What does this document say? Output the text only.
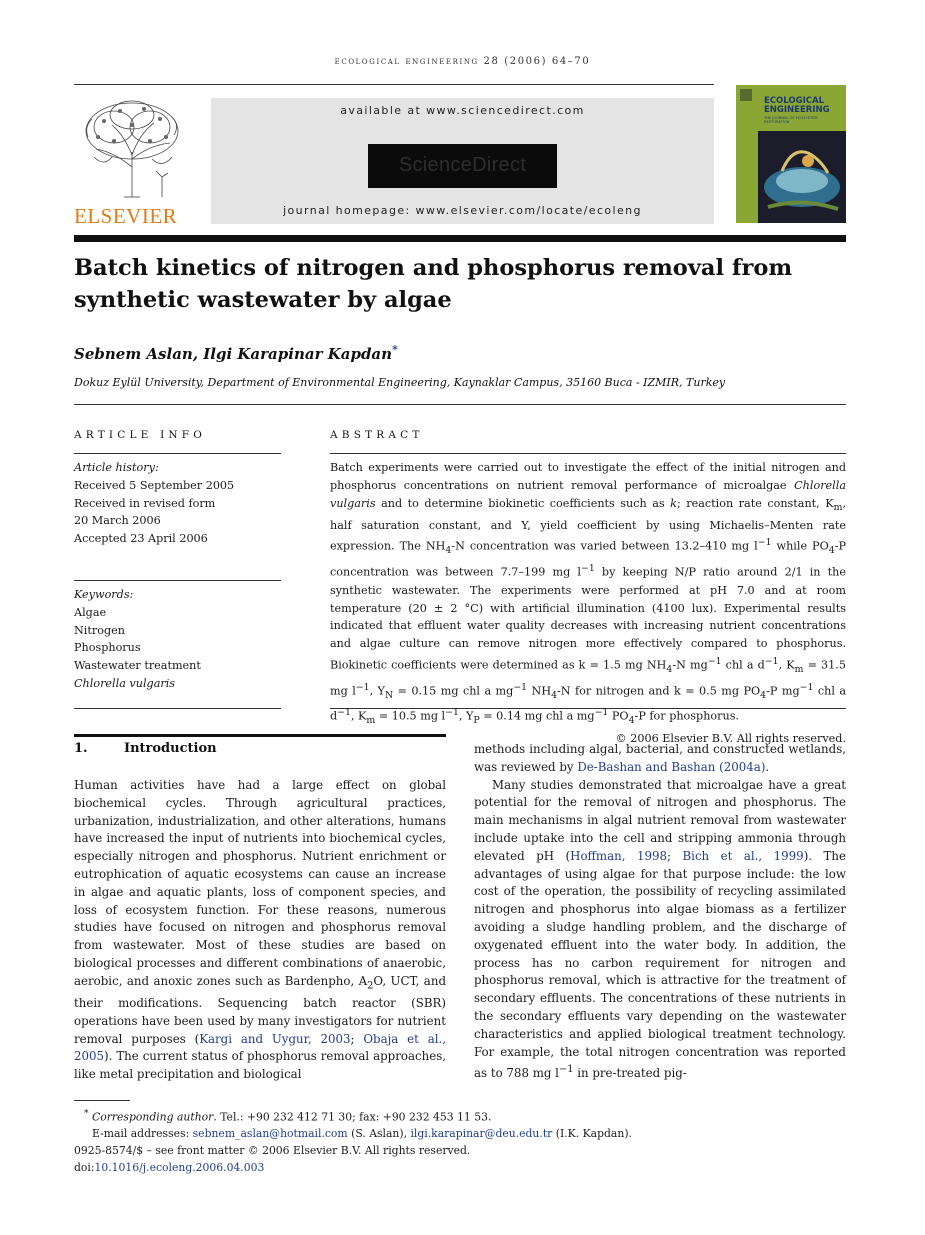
ecological engineering 28 (2006) 64–70
ELSEVIER
available at www.sciencedirect.com
ScienceDirect
journal homepage: www.elsevier.com/locate/ecoleng
ECOLOGICAL
ENGINEERING
THE JOURNAL OF ECOSYSTEM RESTORATION
Batch kinetics of nitrogen and phosphorus removal from
synthetic wastewater by algae
Sebnem Aslan, Ilgi Karapinar Kapdan*
Dokuz Eylül University, Department of Environmental Engineering, Kaynaklar Campus, 35160 Buca - IZMIR, Turkey
ARTICLE INFO	ABSTRACT
Article history:
Received 5 September 2005
Received in revised form
20 March 2006
Accepted 23 April 2006
Keywords:
Algae
Nitrogen
Phosphorus
Wastewater treatment
Chlorella vulgaris

Batch experiments were carried out to investigate the effect of the initial nitrogen and phosphorus concentrations on nutrient removal performance of microalgae Chlorella vulgaris and to determine biokinetic coefficients such as k; reaction rate constant, $K_m$, half saturation constant, and Y, yield coefficient by using Michaelis–Menten rate expression. The $NH_4-N$ concentration was varied between 13.2–410 mg $l^{-1}$ while $PO_4-P$ concentration was between 7.7–199 mg $l^{-1}$ by keeping N/P ratio around 2/1 in the synthetic wastewater. The experiments were performed at pH 7.0 and at room temperature (20 ± 2 °C) with artificial illumination (4100 lux). Experimental results indicated that effluent water quality decreases with increasing nutrient concentrations and algae culture can remove nitrogen more effectively compared to phosphorus. Biokinetic coefficients were determined as k = 1.5 mg $NH_4-N$ $mg^{-1}$ chl a $d^{-1}$, $K_m = 31.5$ mg $l^{-1}$, $Y_N = 0.15$ mg chl a $mg^{-1}$ $NH_4-N$ for nitrogen and k = 0.5 mg $PO_4-P$ $mg^{-1}$ chl a $d^{-1}$, $K_m = 10.5$ mg $l^{-1}$, $Y_P = 0.14$ mg chl a $mg^{-1}$ $PO_4-P$ for phosphorus.

© 2006 Elsevier B.V. All rights reserved.
1.	Introduction

Human activities have had a large effect on global biochemical cycles. Through agricultural practices, urbanization, industrialization, and other alterations, humans have increased the input of nutrients into biochemical cycles, especially nitrogen and phosphorus. Nutrient enrichment or eutrophication of aquatic ecosystems can cause an increase in algae and aquatic plants, loss of component species, and loss of ecosystem function. For these reasons, numerous studies have focused on nitrogen and phosphorus removal from wastewater. Most of these studies are based on biological processes and different combinations of anaerobic, aerobic, and anoxic zones such as Bardenpho, $A_2O$, UCT, and their modifications. Sequencing batch reactor (SBR) operations have been used by many investigators for nutrient removal purposes (Kargi and Uygur, 2003; Obaja et al., 2005). The current status of phosphorus removal approaches, like metal precipitation and biological

methods including algal, bacterial, and constructed wetlands, was reviewed by De-Bashan and Bashan (2004a).

Many studies demonstrated that microalgae have a great potential for the removal of nitrogen and phosphorus. The main mechanisms in algal nutrient removal from wastewater include uptake into the cell and stripping ammonia through elevated pH (Hoffman, 1998; Bich et al., 1999). The advantages of using algae for that purpose include: the low cost of the operation, the possibility of recycling assimilated nitrogen and phosphorus into algae biomass as a fertilizer avoiding a sludge handling problem, and the discharge of oxygenated effluent into the water body. In addition, the process has no carbon requirement for nitrogen and phosphorus removal, which is attractive for the treatment of secondary effluents. The concentrations of these nutrients in the secondary effluents vary depending on the wastewater characteristics and applied biological treatment technology. For example, the total nitrogen concentration was reported as to 788 mg $l^{-1}$ in pre-treated pig-

* Corresponding author. Tel.: +90 232 412 71 30; fax: +90 232 453 11 53.
E-mail addresses: sebnem_aslan@hotmail.com (S. Aslan), ilgi.karapinar@deu.edu.tr (I.K. Kapdan).
0925-8574/$ – see front matter © 2006 Elsevier B.V. All rights reserved.
doi:10.1016/j.ecoleng.2006.04.003
